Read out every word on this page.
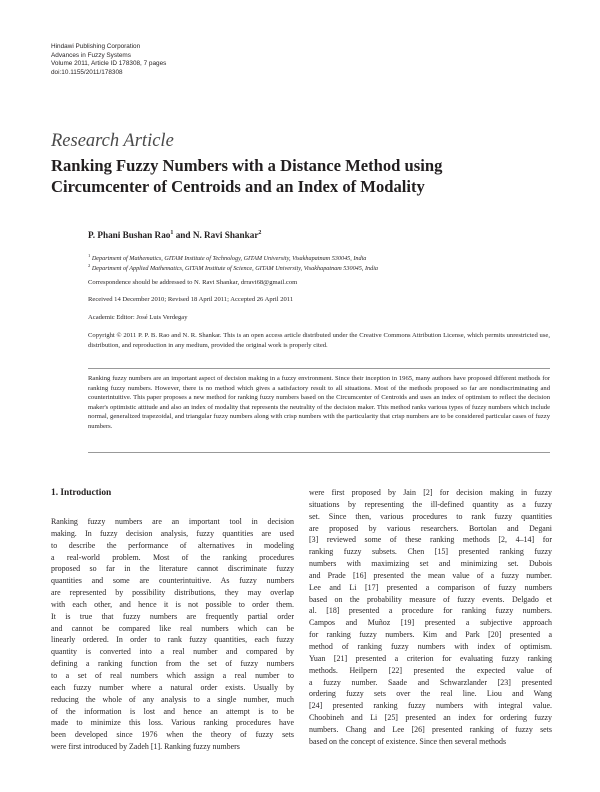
Hindawi Publishing Corporation
Advances in Fuzzy Systems
Volume 2011, Article ID 178308, 7 pages
doi:10.1155/2011/178308
Research Article
Ranking Fuzzy Numbers with a Distance Method using
Circumcenter of Centroids and an Index of Modality
P. Phani Bushan Rao$^1$ and N. Ravi Shankar$^2$
$^1$ Department of Mathematics, GITAM Institute of Technology, GITAM University, Visakhapatnam 530045, India
$^2$ Department of Applied Mathematics, GITAM Institute of Science, GITAM University, Visakhapatnam 530045, India
Correspondence should be addressed to N. Ravi Shankar, drravi68@gmail.com
Received 14 December 2010; Revised 18 April 2011; Accepted 26 April 2011
Academic Editor: José Luis Verdegay
Copyright © 2011 P. P. B. Rao and N. R. Shankar. This is an open access article distributed under the Creative Commons Attribution License, which permits unrestricted use, distribution, and reproduction in any medium, provided the original work is properly cited.
Ranking fuzzy numbers are an important aspect of decision making in a fuzzy environment. Since their inception in 1965, many authors have proposed different methods for ranking fuzzy numbers. However, there is no method which gives a satisfactory result to all situations. Most of the methods proposed so far are nondiscriminating and counterintuitive. This paper proposes a new method for ranking fuzzy numbers based on the Circumcenter of Centroids and uses an index of optimism to reflect the decision maker's optimistic attitude and also an index of modality that represents the neutrality of the decision maker. This method ranks various types of fuzzy numbers which include normal, generalized trapezoidal, and triangular fuzzy numbers along with crisp numbers with the particularity that crisp numbers are to be considered particular cases of fuzzy numbers.
1. Introduction
Ranking fuzzy numbers are an important tool in decision
making. In fuzzy decision analysis, fuzzy quantities are used
to describe the performance of alternatives in modeling
a real-world problem. Most of the ranking procedures
proposed so far in the literature cannot discriminate fuzzy
quantities and some are counterintuitive. As fuzzy numbers
are represented by possibility distributions, they may overlap
with each other, and hence it is not possible to order them.
It is true that fuzzy numbers are frequently partial order
and cannot be compared like real numbers which can be
linearly ordered. In order to rank fuzzy quantities, each fuzzy
quantity is converted into a real number and compared by
defining a ranking function from the set of fuzzy numbers
to a set of real numbers which assign a real number to
each fuzzy number where a natural order exists. Usually by
reducing the whole of any analysis to a single number, much
of the information is lost and hence an attempt is to be
made to minimize this loss. Various ranking procedures have
been developed since 1976 when the theory of fuzzy sets
were first introduced by Zadeh [1]. Ranking fuzzy numbers
were first proposed by Jain [2] for decision making in fuzzy
situations by representing the ill-defined quantity as a fuzzy
set. Since then, various procedures to rank fuzzy quantities
are proposed by various researchers. Bortolan and Degani
[3] reviewed some of these ranking methods [2, 4–14] for
ranking fuzzy subsets. Chen [15] presented ranking fuzzy
numbers with maximizing set and minimizing set. Dubois
and Prade [16] presented the mean value of a fuzzy number.
Lee and Li [17] presented a comparison of fuzzy numbers
based on the probability measure of fuzzy events. Delgado et
al. [18] presented a procedure for ranking fuzzy numbers.
Campos and Muñoz [19] presented a subjective approach
for ranking fuzzy numbers. Kim and Park [20] presented a
method of ranking fuzzy numbers with index of optimism.
Yuan [21] presented a criterion for evaluating fuzzy ranking
methods. Heilpern [22] presented the expected value of
a fuzzy number. Saade and Schwarzlander [23] presented
ordering fuzzy sets over the real line. Liou and Wang
[24] presented ranking fuzzy numbers with integral value.
Choobineh and Li [25] presented an index for ordering fuzzy
numbers. Chang and Lee [26] presented ranking of fuzzy sets
based on the concept of existence. Since then several methods
